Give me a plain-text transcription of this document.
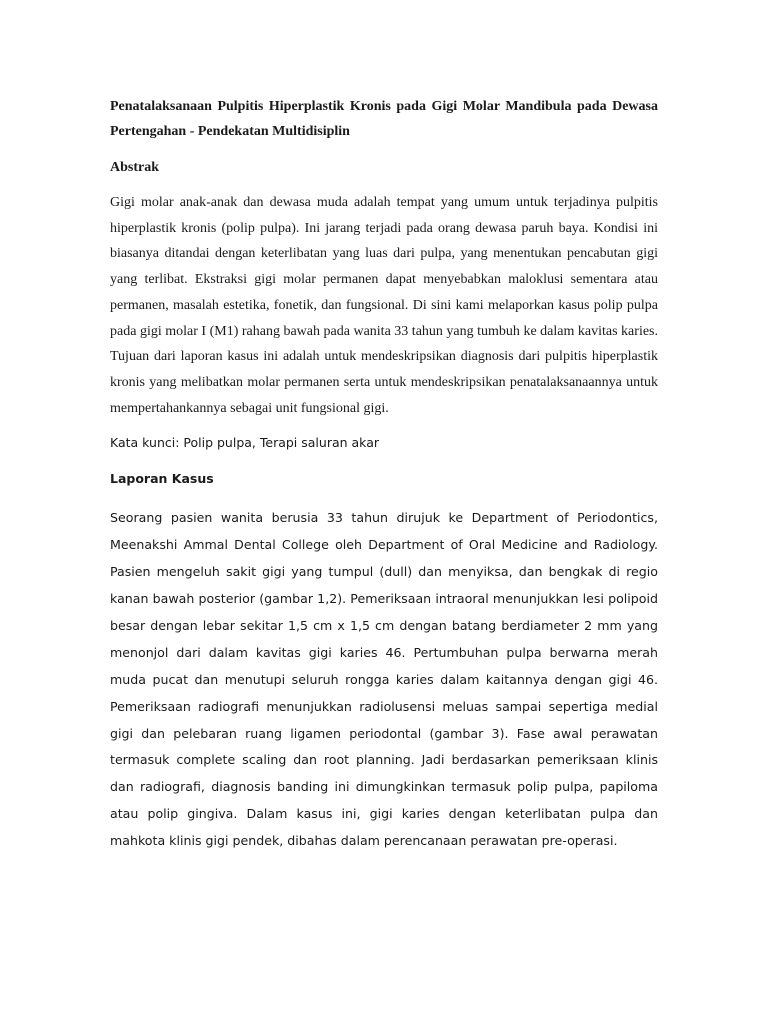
Penatalaksanaan Pulpitis Hiperplastik Kronis pada Gigi Molar Mandibula pada Dewasa Pertengahan - Pendekatan Multidisiplin

Abstrak

Gigi molar anak-anak dan dewasa muda adalah tempat yang umum untuk terjadinya pulpitis hiperplastik kronis (polip pulpa). Ini jarang terjadi pada orang dewasa paruh baya. Kondisi ini biasanya ditandai dengan keterlibatan yang luas dari pulpa, yang menentukan pencabutan gigi yang terlibat. Ekstraksi gigi molar permanen dapat menyebabkan maloklusi sementara atau permanen, masalah estetika, fonetik, dan fungsional. Di sini kami melaporkan kasus polip pulpa pada gigi molar I (M1) rahang bawah pada wanita 33 tahun yang tumbuh ke dalam kavitas karies. Tujuan dari laporan kasus ini adalah untuk mendeskripsikan diagnosis dari pulpitis hiperplastik kronis yang melibatkan molar permanen serta untuk mendeskripsikan penatalaksanaannya untuk mempertahankannya sebagai unit fungsional gigi.

Kata kunci: Polip pulpa, Terapi saluran akar

Laporan Kasus

Seorang pasien wanita berusia 33 tahun dirujuk ke Department of Periodontics, Meenakshi Ammal Dental College oleh Department of Oral Medicine and Radiology. Pasien mengeluh sakit gigi yang tumpul (dull) dan menyiksa, dan bengkak di regio kanan bawah posterior (gambar 1,2). Pemeriksaan intraoral menunjukkan lesi polipoid besar dengan lebar sekitar 1,5 cm x 1,5 cm dengan batang berdiameter 2 mm yang menonjol dari dalam kavitas gigi karies 46. Pertumbuhan pulpa berwarna merah muda pucat dan menutupi seluruh rongga karies dalam kaitannya dengan gigi 46. Pemeriksaan radiografi menunjukkan radiolusensi meluas sampai sepertiga medial gigi dan pelebaran ruang ligamen periodontal (gambar 3). Fase awal perawatan termasuk complete scaling dan root planning. Jadi berdasarkan pemeriksaan klinis dan radiografi, diagnosis banding ini dimungkinkan termasuk polip pulpa, papiloma atau polip gingiva. Dalam kasus ini, gigi karies dengan keterlibatan pulpa dan mahkota klinis gigi pendek, dibahas dalam perencanaan perawatan pre-operasi.
